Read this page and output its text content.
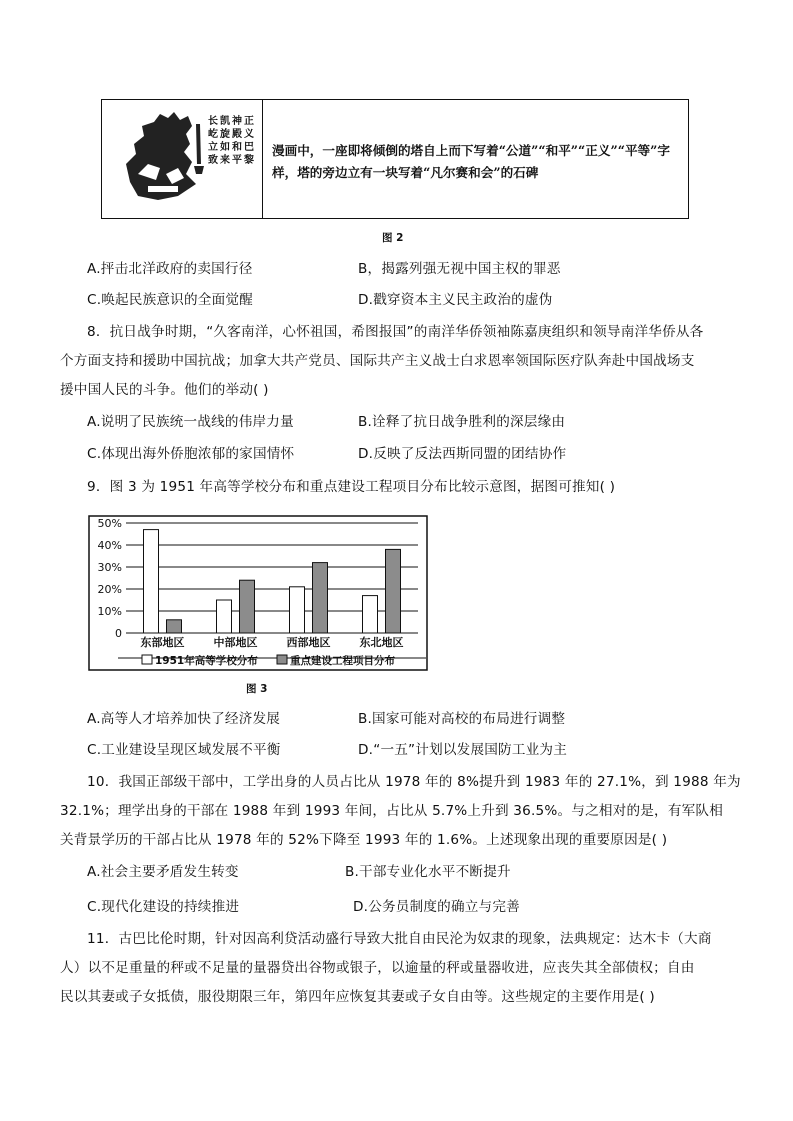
长
屹
立
致
凯
旋
如
来
神
殿
和
平
正
义
巴
黎
漫画中，一座即将倾倒的塔自上而下写着“公道”“和平”“正义”“平等”字
样，塔的旁边立有一块写着“凡尔赛和会”的石碑
图 2
A.抨击北洋政府的卖国行径	B，揭露列强无视中国主权的罪恶
C.唤起民族意识的全面觉醒	D.戳穿资本主义民主政治的虚伪
8．抗日战争时期，“久客南洋，心怀祖国，希图报国”的南洋华侨领袖陈嘉庚组织和领导南洋华侨从各
个方面支持和援助中国抗战；加拿大共产党员、国际共产主义战士白求恩率领国际医疗队奔赴中国战场支
援中国人民的斗争。他们的举动( )
A.说明了民族统一战线的伟岸力量	B.诠释了抗日战争胜利的深层缘由
C.体现出海外侨胞浓郁的家国情怀	D.反映了反法西斯同盟的团结协作
9．图 3 为 1951 年高等学校分布和重点建设工程项目分布比较示意图，据图可推知( )
0
10%
20%
30%
40%
50%
东部地区	中部地区	西部地区	东北地区
1951年高等学校分布	重点建设工程项目分布
图 3
A.高等人才培养加快了经济发展	B.国家可能对高校的布局进行调整
C.工业建设呈现区域发展不平衡	D.“一五”计划以发展国防工业为主
10．我国正部级干部中，工学出身的人员占比从 1978 年的 8%提升到 1983 年的 27.1%，到 1988 年为
32.1%；理学出身的干部在 1988 年到 1993 年间，占比从 5.7%上升到 36.5%。与之相对的是，有军队相
关背景学历的干部占比从 1978 年的 52%下降至 1993 年的 1.6%。上述现象出现的重要原因是( )
A.社会主要矛盾发生转变	B.干部专业化水平不断提升
C.现代化建设的持续推进	D.公务员制度的确立与完善
11．古巴比伦时期，针对因高利贷活动盛行导致大批自由民沦为奴隶的现象，法典规定：达木卡（大商
人）以不足重量的秤或不足量的量器贷出谷物或银子，以逾量的秤或量器收进，应丧失其全部债权；自由
民以其妻或子女抵债，服役期限三年，第四年应恢复其妻或子女自由等。这些规定的主要作用是( )
